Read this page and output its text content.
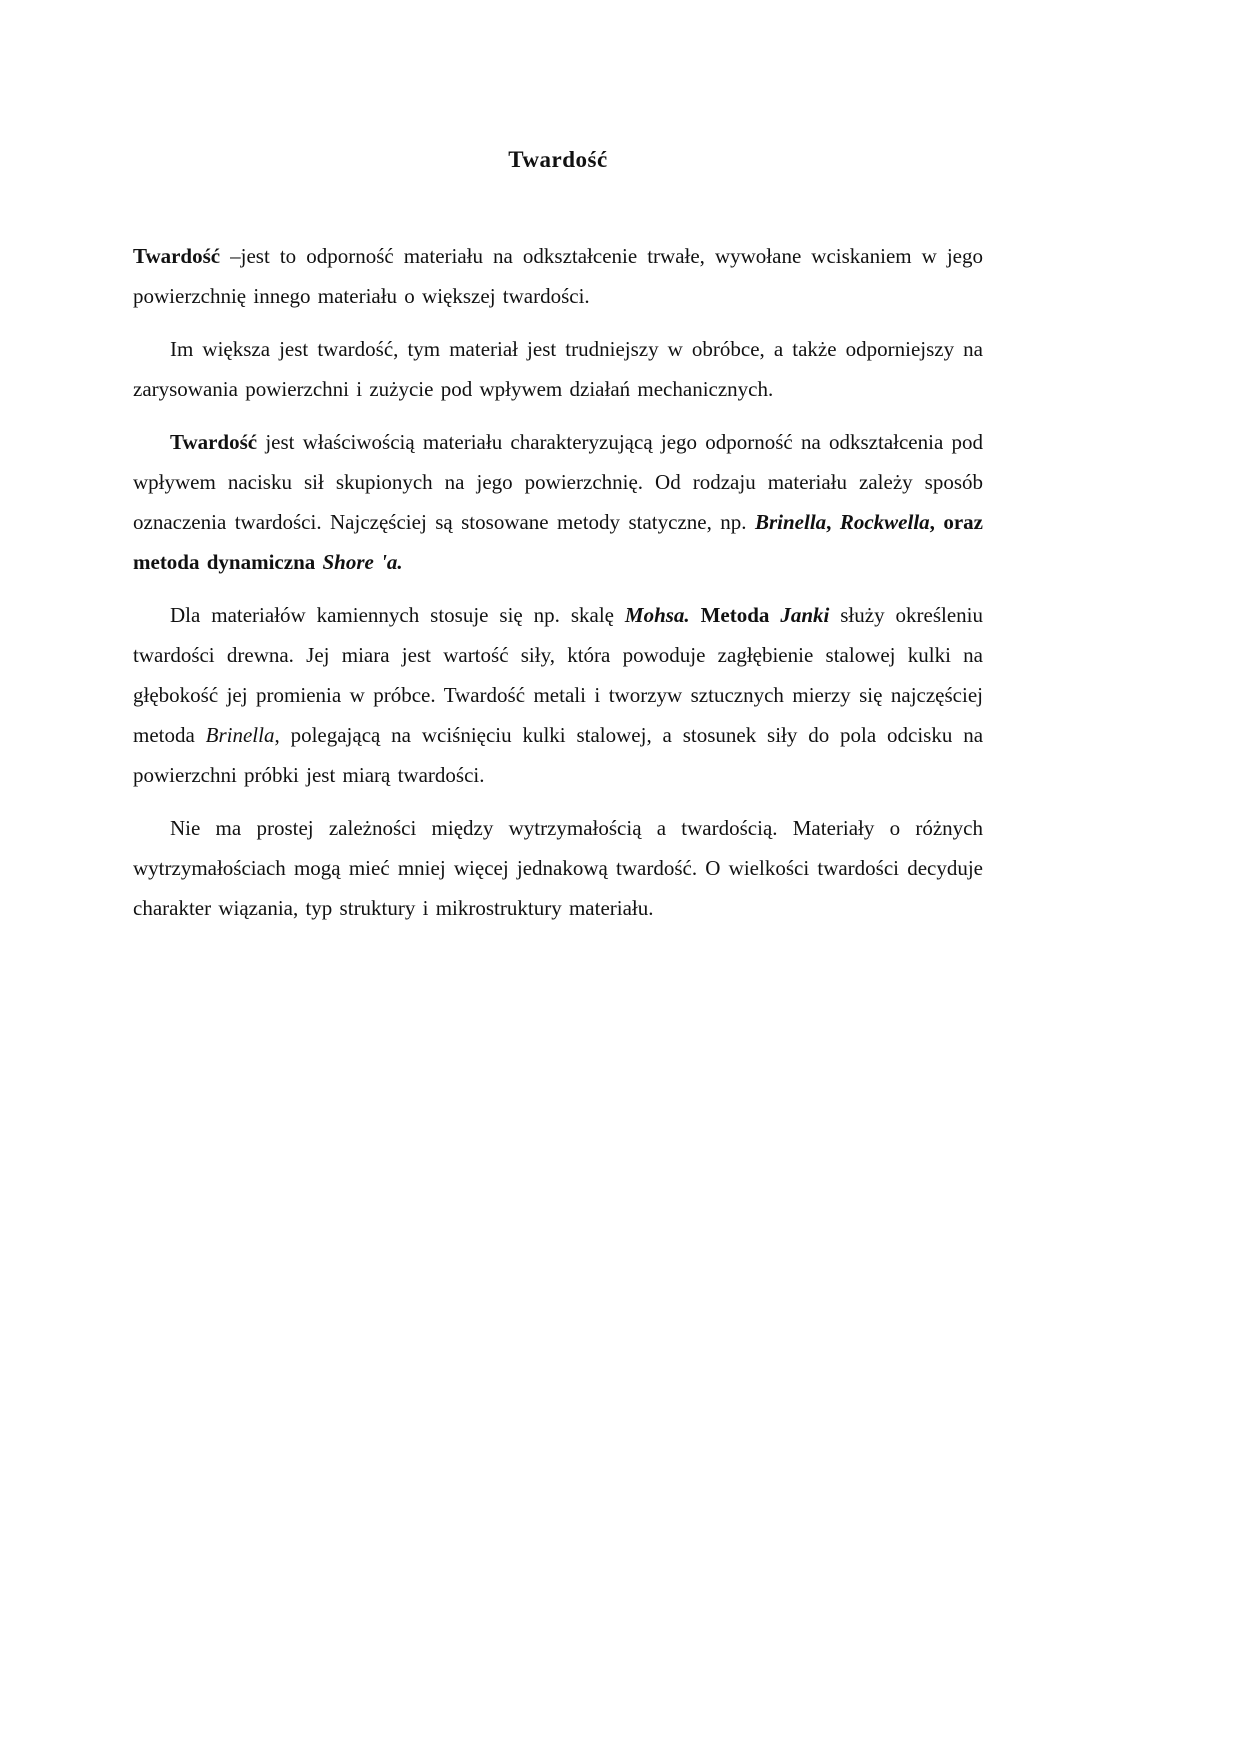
Twardość

Twardość –jest to odporność materiału na odkształcenie trwałe, wywołane wciskaniem w jego powierzchnię innego materiału o większej twardości.

Im większa jest twardość, tym materiał jest trudniejszy w obróbce, a także odporniejszy na zarysowania powierzchni i zużycie pod wpływem działań mechanicznych.

Twardość jest właściwością materiału charakteryzującą jego odporność na odkształcenia pod wpływem nacisku sił skupionych na jego powierzchnię. Od rodzaju materiału zależy sposób oznaczenia twardości. Najczęściej są stosowane metody statyczne, np. Brinella, Rockwella, oraz metoda dynamiczna Shore 'a.

Dla materiałów kamiennych stosuje się np. skalę Mohsa. Metoda Janki służy określeniu twardości drewna. Jej miara jest wartość siły, która powoduje zagłębienie stalowej kulki na głębokość jej promienia w próbce. Twardość metali i tworzyw sztucznych mierzy się najczęściej metoda Brinella, polegającą na wciśnięciu kulki stalowej, a stosunek siły do pola odcisku na powierzchni próbki jest miarą twardości.

Nie ma prostej zależności między wytrzymałością a twardością. Materiały o różnych wytrzymałościach mogą mieć mniej więcej jednakową twardość. O wielkości twardości decyduje charakter wiązania, typ struktury i mikrostruktury materiału.
